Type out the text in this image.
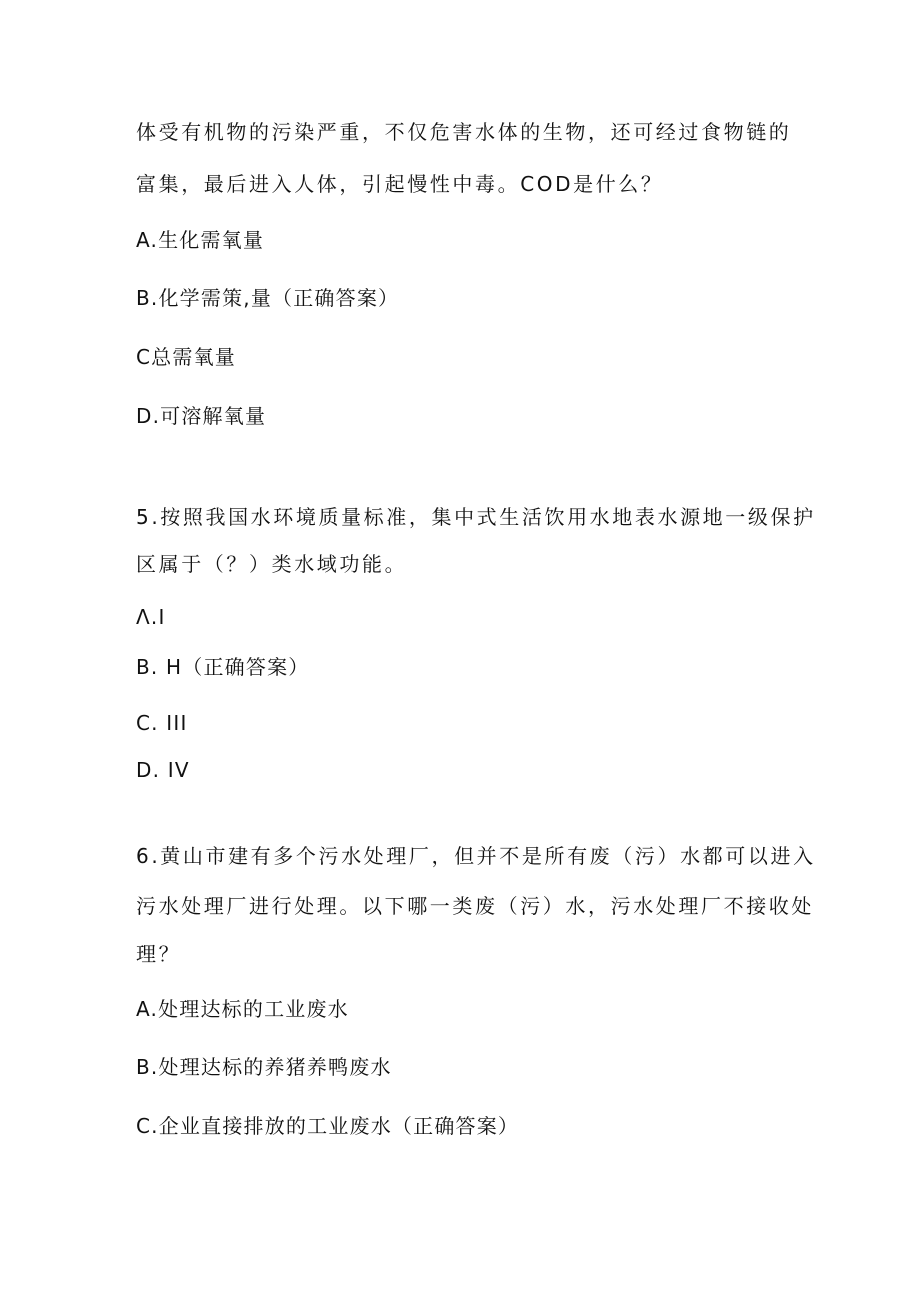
体受有机物的污染严重，不仅危害水体的生物，还可经过食物链的
富集，最后进入人体，引起慢性中毒。COD是什么？
A.生化需氧量
B.化学需策,量（正确答案）
C总需氧量
D.可溶解氧量
5.按照我国水环境质量标准，集中式生活饮用水地表水源地一级保护
区属于（？）类水域功能。
Λ.I
B. H（正确答案）
C. III
D. IV
6.黄山市建有多个污水处理厂，但并不是所有废（污）水都可以进入
污水处理厂进行处理。以下哪一类废（污）水，污水处理厂不接收处
理？
A.处理达标的工业废水
B.处理达标的养猪养鸭废水
C.企业直接排放的工业废水（正确答案）
